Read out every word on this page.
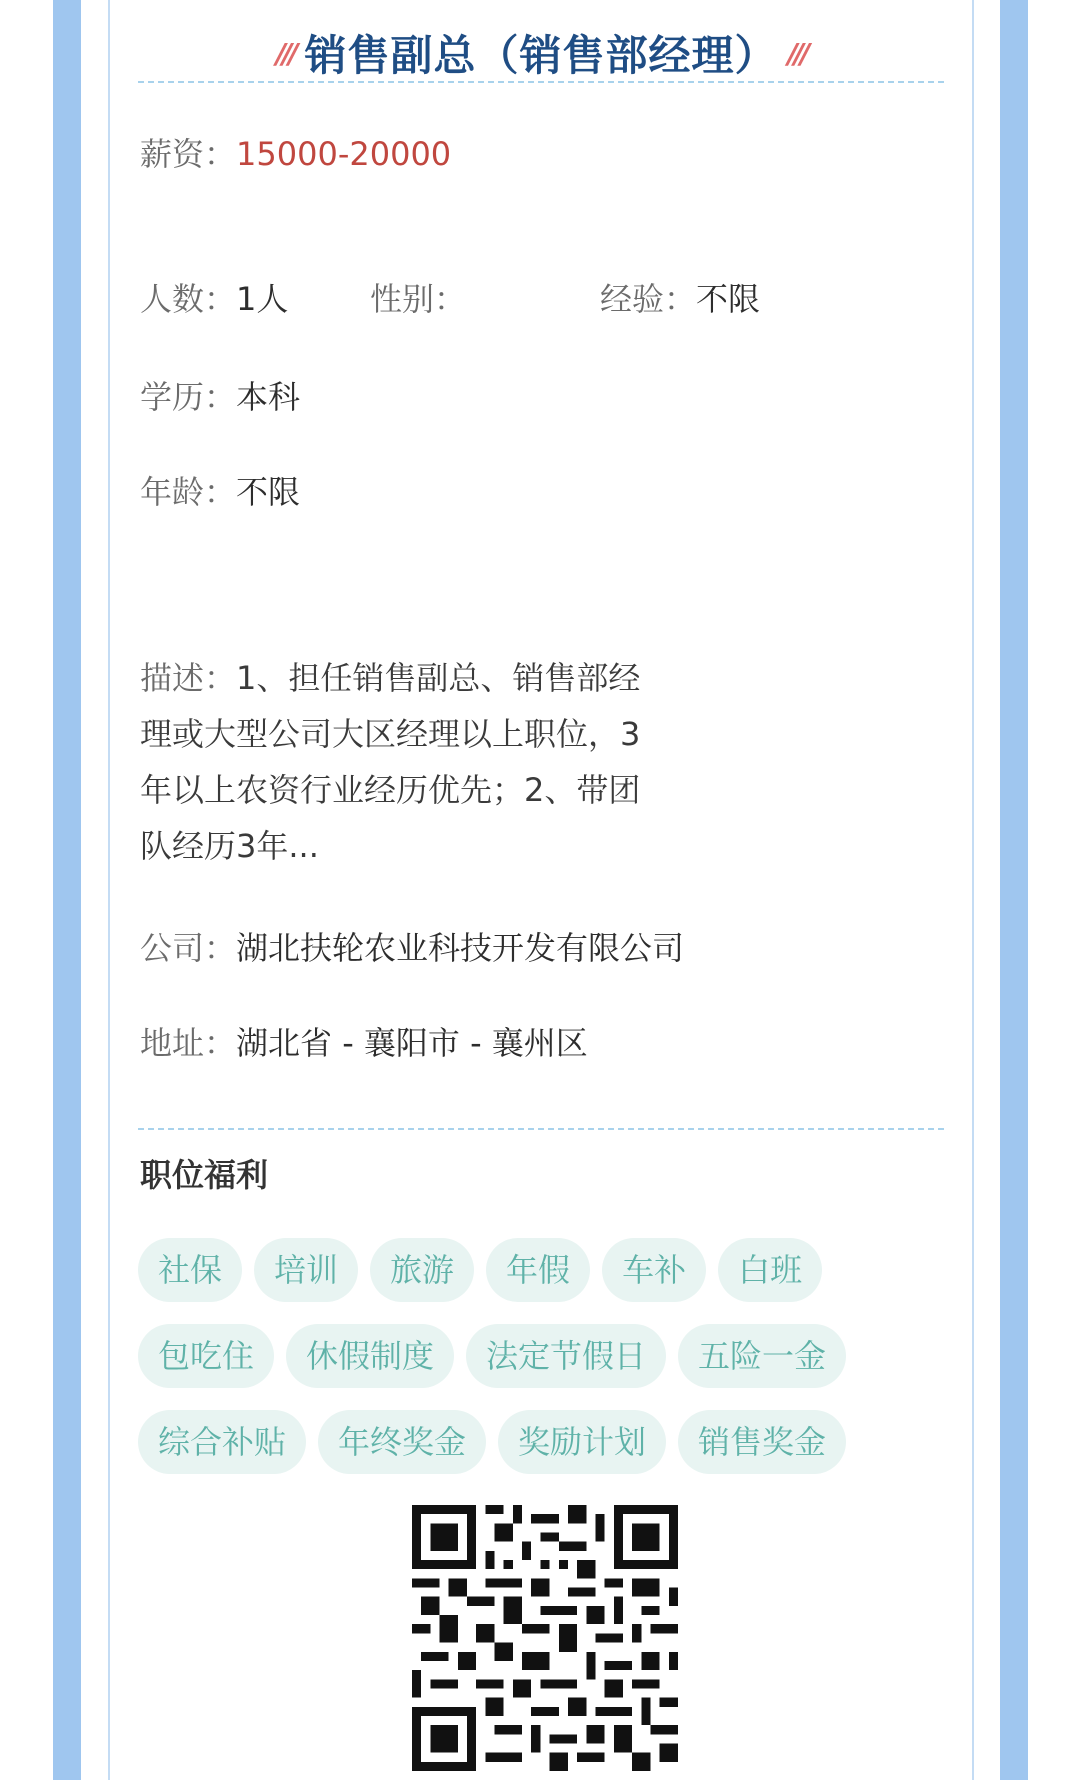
/// 销售副总（销售部经理） ///
薪资：15000-20000
人数：1人	性别：	经验：不限
学历：本科
年龄：不限
描述：1、担任销售副总、销售部经理或大型公司大区经理以上职位，3年以上农资行业经历优先；2、带团队经历3年...
公司：湖北扶轮农业科技开发有限公司
地址：湖北省 - 襄阳市 - 襄州区
职位福利
社保	培训	旅游	年假	车补	白班
包吃住	休假制度	法定节假日	五险一金
综合补贴	年终奖金	奖励计划	销售奖金
